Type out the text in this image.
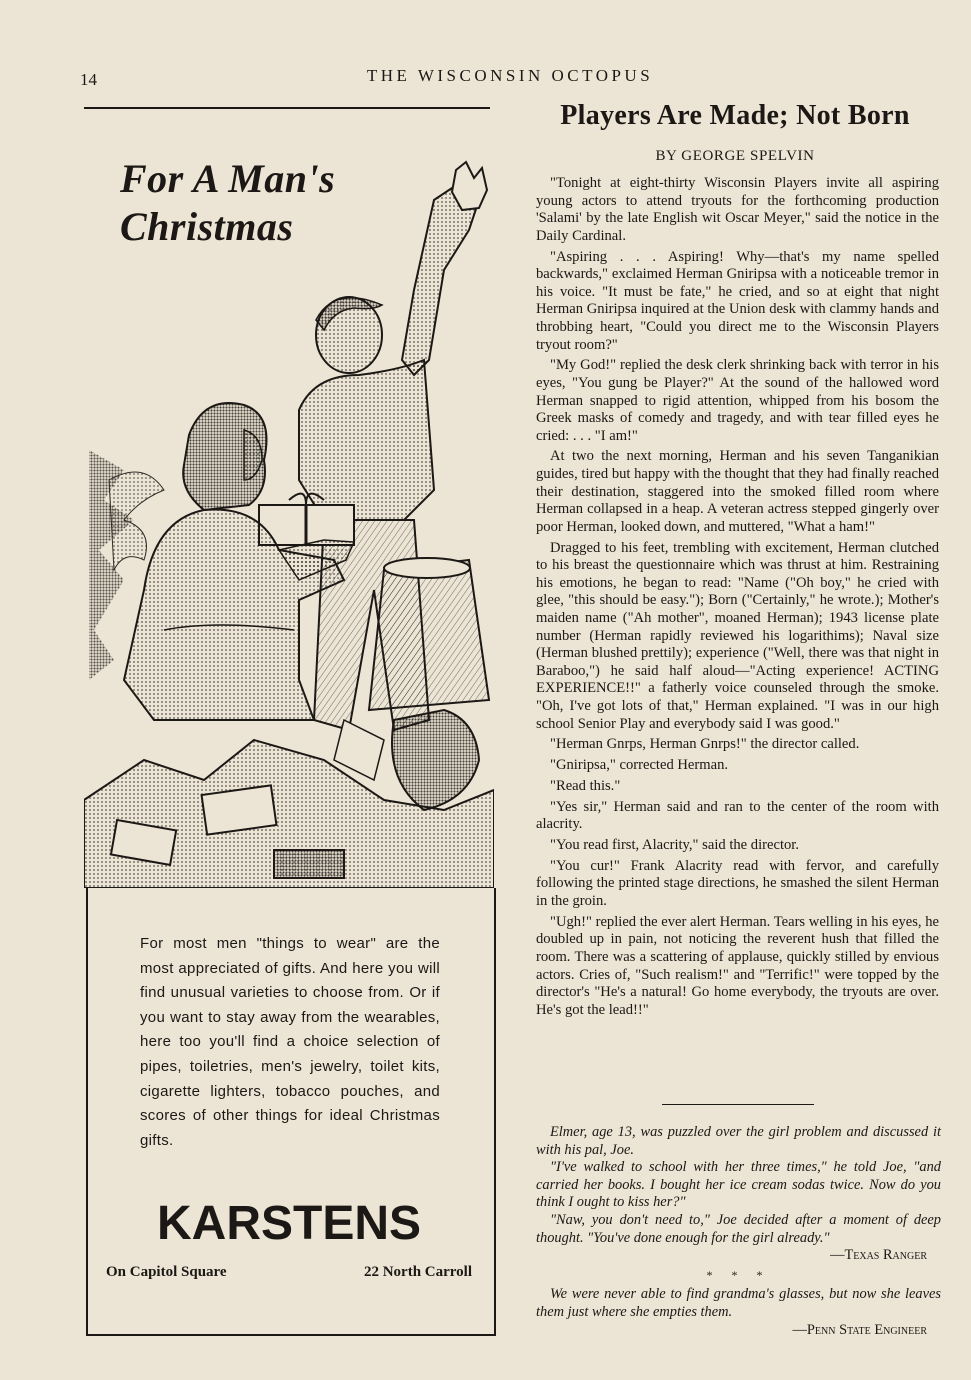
14	THE WISCONSIN OCTOPUS
For A Man's
Christmas
For most men "things to wear" are the most appreciated of gifts. And here you will find unusual varieties to choose from. Or if you want to stay away from the wearables, here too you'll find a choice selection of pipes, toiletries, men's jewelry, toilet kits, cigarette lighters, tobacco pouches, and scores of other things for ideal Christmas gifts.
KARSTENS
On Capitol Square	22 North Carroll
Players Are Made; Not Born
BY GEORGE SPELVIN

"Tonight at eight-thirty Wisconsin Players invite all aspiring young actors to attend tryouts for the forthcoming production 'Salami' by the late English wit Oscar Meyer," said the notice in the Daily Cardinal.

"Aspiring . . . Aspiring! Why—that's my name spelled backwards," exclaimed Herman Gniripsa with a noticeable tremor in his voice. "It must be fate," he cried, and so at eight that night Herman Gniripsa inquired at the Union desk with clammy hands and throbbing heart, "Could you direct me to the Wisconsin Players tryout room?"

"My God!" replied the desk clerk shrinking back with terror in his eyes, "You gung be Player?" At the sound of the hallowed word Herman snapped to rigid attention, whipped from his bosom the Greek masks of comedy and tragedy, and with tear filled eyes he cried: . . . "I am!"

At two the next morning, Herman and his seven Tanganikian guides, tired but happy with the thought that they had finally reached their destination, staggered into the smoked filled room where Herman collapsed in a heap. A veteran actress stepped gingerly over poor Herman, looked down, and muttered, "What a ham!"

Dragged to his feet, trembling with excitement, Herman clutched to his breast the questionnaire which was thrust at him. Restraining his emotions, he began to read: "Name ("Oh boy," he cried with glee, "this should be easy."); Born ("Certainly," he wrote.); Mother's maiden name ("Ah mother", moaned Herman); 1943 license plate number (Herman rapidly reviewed his logarithims); Naval size (Herman blushed prettily); experience ("Well, there was that night in Baraboo,") he said half aloud—"Acting experience! ACTING EXPERIENCE!!" a fatherly voice counseled through the smoke. "Oh, I've got lots of that," Herman explained. "I was in our high school Senior Play and everybody said I was good."

"Herman Gnrps, Herman Gnrps!" the director called.

"Gniripsa," corrected Herman.

"Read this."

"Yes sir," Herman said and ran to the center of the room with alacrity.

"You read first, Alacrity," said the director.

"You cur!" Frank Alacrity read with fervor, and carefully following the printed stage directions, he smashed the silent Herman in the groin.

"Ugh!" replied the ever alert Herman. Tears welling in his eyes, he doubled up in pain, not noticing the reverent hush that filled the room. There was a scattering of applause, quickly stilled by envious actors. Cries of, "Such realism!" and "Terrific!" were topped by the director's "He's a natural! Go home everybody, the tryouts are over. He's got the lead!!"

Elmer, age 13, was puzzled over the girl problem and discussed it with his pal, Joe.

"I've walked to school with her three times," he told Joe, "and carried her books. I bought her ice cream sodas twice. Now do you think I ought to kiss her?"

"Naw, you don't need to," Joe decided after a moment of deep thought. "You've done enough for the girl already."

—Texas Ranger

* * *

We were never able to find grandma's glasses, but now she leaves them just where she empties them.

—Penn State Engineer
